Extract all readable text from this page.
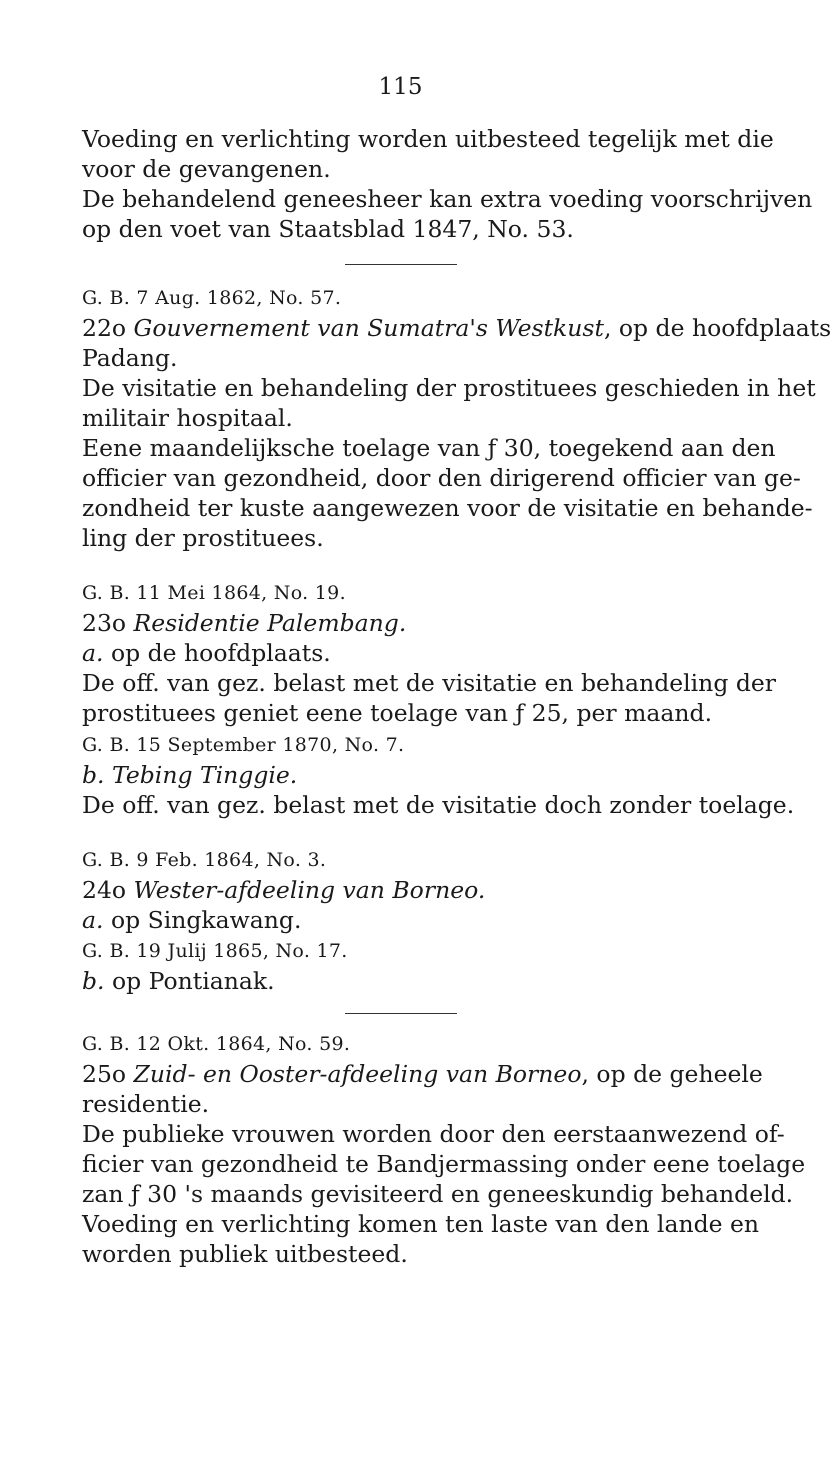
115
Voeding en verlichting worden uitbesteed tegelijk met die
voor de gevangenen.
De behandelend geneesheer kan extra voeding voorschrijven
op den voet van Staatsblad 1847, No. 53.
G. B. 7 Aug. 1862, No. 57.
22o Gouvernement van Sumatra's Westkust, op de hoofdplaats
Padang.
De visitatie en behandeling der prostituees geschieden in het
militair hospitaal.
Eene maandelijksche toelage van ƒ 30, toegekend aan den
officier van gezondheid, door den dirigerend officier van ge-
zondheid ter kuste aangewezen voor de visitatie en behande-
ling der prostituees.
G. B. 11 Mei 1864, No. 19.
23o Residentie Palembang.
a. op de hoofdplaats.
De off. van gez. belast met de visitatie en behandeling der
prostituees geniet eene toelage van ƒ 25, per maand.
G. B. 15 September 1870, No. 7.
b. Tebing Tinggie.
De off. van gez. belast met de visitatie doch zonder toelage.
G. B. 9 Feb. 1864, No. 3.
24o Wester-afdeeling van Borneo.
a. op Singkawang.
G. B. 19 Julij 1865, No. 17.
b. op Pontianak.
G. B. 12 Okt. 1864, No. 59.
25o Zuid- en Ooster-afdeeling van Borneo, op de geheele
residentie.
De publieke vrouwen worden door den eerstaanwezend of-
ficier van gezondheid te Bandjermassing onder eene toelage
zan ƒ 30 's maands gevisiteerd en geneeskundig behandeld.
Voeding en verlichting komen ten laste van den lande en
worden publiek uitbesteed.
